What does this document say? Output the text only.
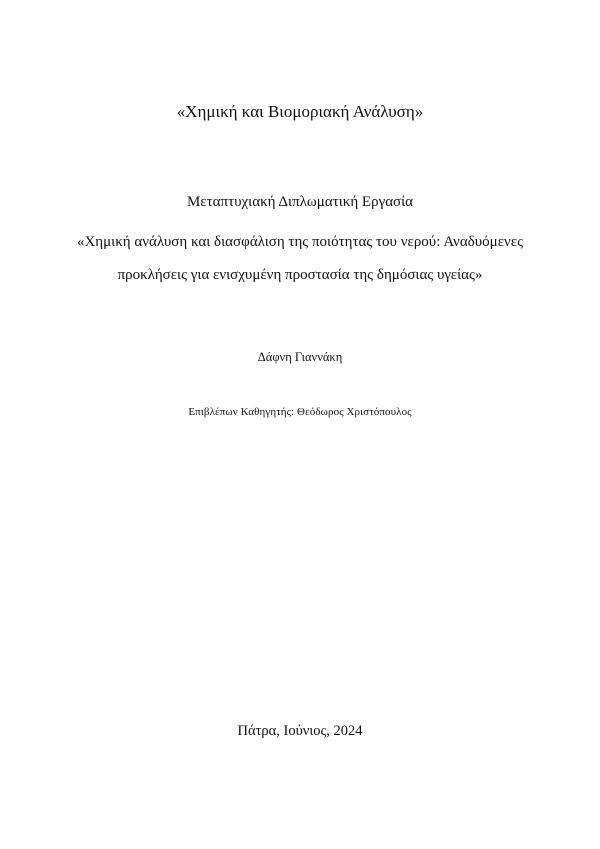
«Χημική και Βιομοριακή Ανάλυση»
Μεταπτυχιακή Διπλωματική Εργασία
«Χημική ανάλυση και διασφάλιση της ποιότητας του νερού: Αναδυόμενες προκλήσεις για ενισχυμένη προστασία της δημόσιας υγείας»
Δάφνη Γιαννάκη
Επιβλέπων Καθηγητής: Θεόδωρος Χριστόπουλος
Πάτρα, Ιούνιος, 2024
